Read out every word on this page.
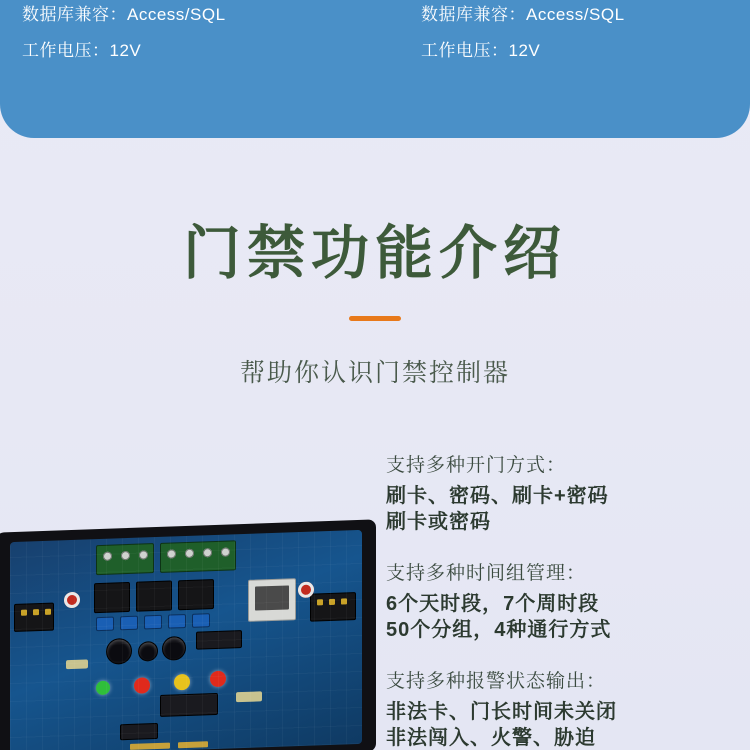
数据库兼容 ： Access/SQL
工作电压 ： 12V
数据库兼容 ： Access/SQL
工作电压 ： 12V
门禁功能介绍
帮助你认识门禁控制器
支持多种开门方式：
刷卡、密码、刷卡+密码
刷卡或密码
支持多种时间组管理：
6个天时段，7个周时段
50个分组，4种通行方式
支持多种报警状态输出：
非法卡、门长时间未关闭
非法闯入、火警、胁迫
